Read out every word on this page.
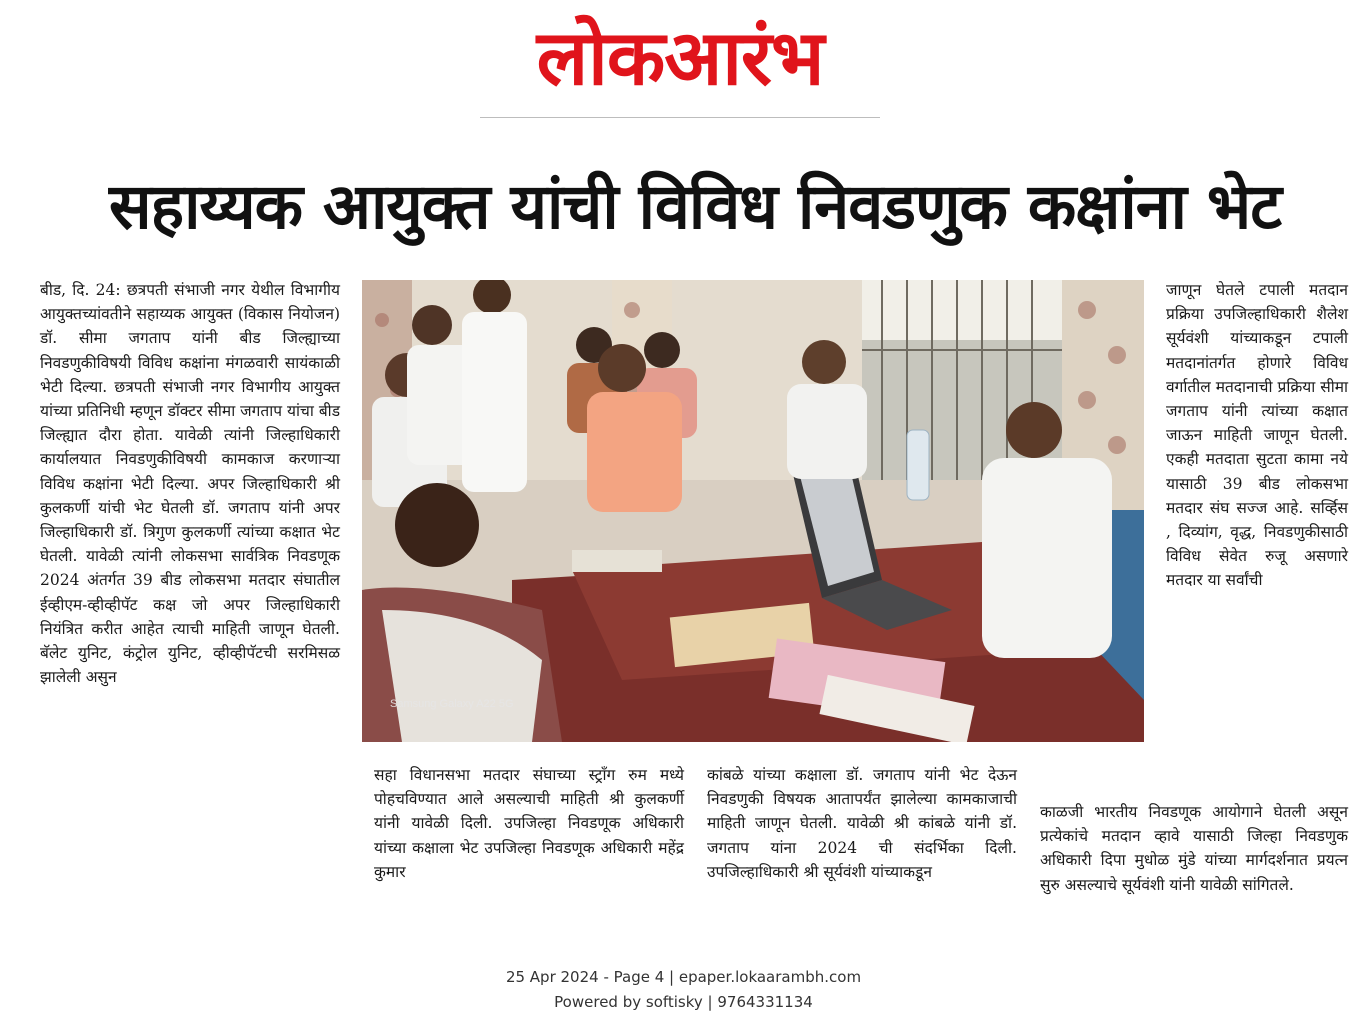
लोकआरंभ
सहाय्यक आयुक्त यांची विविध निवडणुक कक्षांना भेट

बीड, दि. 24: छत्रपती संभाजी नगर येथील विभागीय आयुक्तच्यांवतीने सहाय्यक आयुक्त (विकास नियोजन) डॉ. सीमा जगताप यांनी बीड जिल्ह्याच्या निवडणुकीविषयी विविध कक्षांना मंगळवारी सायंकाळी भेटी दिल्या. छत्रपती संभाजी नगर विभागीय आयुक्त यांच्या प्रतिनिधी म्हणून डॉक्टर सीमा जगताप यांचा बीड जिल्ह्यात दौरा होता. यावेळी त्यांनी जिल्हाधिकारी कार्यालयात निवडणुकीविषयी कामकाज करणाऱ्या विविध कक्षांना भेटी दिल्या. अपर जिल्हाधिकारी श्री कुलकर्णी यांची भेट घेतली डॉ. जगताप यांनी अपर जिल्हाधिकारी डॉ. त्रिगुण कुलकर्णी त्यांच्या कक्षात भेट घेतली. यावेळी त्यांनी लोकसभा सार्वत्रिक निवडणूक 2024 अंतर्गत 39 बीड लोकसभा मतदार संघातील ईव्हीएम-व्हीव्हीपॅट कक्ष जो अपर जिल्हाधिकारी नियंत्रित करीत आहेत त्याची माहिती जाणून घेतली. बॅलेट युनिट, कंट्रोल युनिट, व्हीव्हीपॅटची सरमिसळ झालेली असुन

Samsung Galaxy A22 5G

सहा विधानसभा मतदार संघाच्या स्ट्रॉंग रुम मध्ये पोहचविण्यात आले असल्याची माहिती श्री कुलकर्णी यांनी यावेळी दिली. उपजिल्हा निवडणूक अधिकारी यांच्या कक्षाला भेट उपजिल्हा निवडणूक अधिकारी महेंद्र कुमार

कांबळे यांच्या कक्षाला डॉ. जगताप यांनी भेट देऊन निवडणुकी विषयक आतापर्यंत झालेल्या कामकाजाची माहिती जाणून घेतली. यावेळी श्री कांबळे यांनी डॉ. जगताप यांना 2024 ची संदर्भिका दिली. उपजिल्हाधिकारी श्री सूर्यवंशी यांच्याकडून

जाणून घेतले टपाली मतदान प्रक्रिया उपजिल्हाधिकारी शैलेश सूर्यवंशी यांच्याकडून टपाली मतदानांतर्गत होणारे विविध वर्गातील मतदानाची प्रक्रिया सीमा जगताप यांनी त्यांच्या कक्षात जाऊन माहिती जाणून घेतली. एकही मतदाता सुटता कामा नये यासाठी 39 बीड लोकसभा मतदार संघ सज्ज आहे. सर्व्हिस , दिव्यांग, वृद्ध, निवडणुकीसाठी विविध सेवेत रुजू असणारे मतदार या सर्वांची

काळजी भारतीय निवडणूक आयोगाने घेतली असून प्रत्येकांचे मतदान व्हावे यासाठी जिल्हा निवडणुक अधिकारी दिपा मुधोळ मुंडे यांच्या मार्गदर्शनात प्रयत्न सुरु असल्याचे सूर्यवंशी यांनी यावेळी सांगितले.

25 Apr 2024 - Page 4 | epaper.lokaarambh.com
Powered by softisky | 9764331134
